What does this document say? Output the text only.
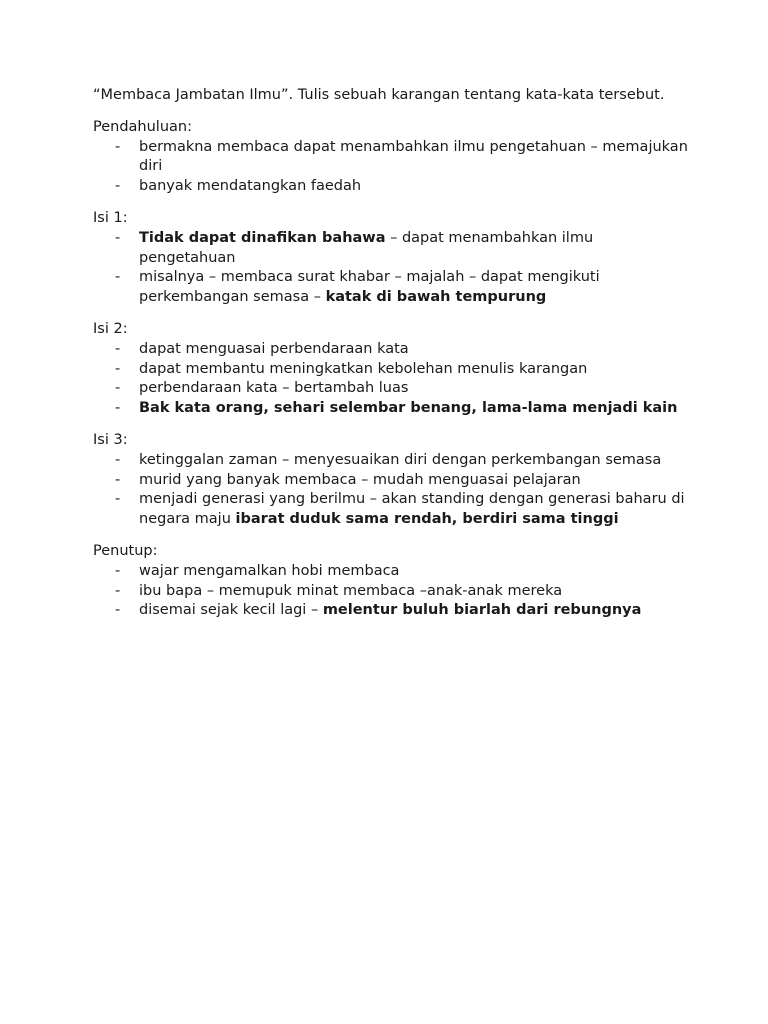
“Membaca Jambatan Ilmu”. Tulis sebuah karangan tentang kata-kata tersebut.

Pendahuluan:

- bermakna membaca dapat menambahkan ilmu pengetahuan – memajukan diri
- banyak mendatangkan faedah

Isi 1:

- Tidak dapat dinafikan bahawa – dapat menambahkan ilmu pengetahuan
- misalnya – membaca surat khabar – majalah – dapat mengikuti perkembangan semasa – katak di bawah tempurung

Isi 2:

- dapat menguasai perbendaraan kata
- dapat membantu meningkatkan kebolehan menulis karangan
- perbendaraan kata – bertambah luas
- Bak kata orang, sehari selembar benang, lama-lama menjadi kain

Isi 3:

- ketinggalan zaman – menyesuaikan diri dengan perkembangan semasa
- murid yang banyak membaca – mudah menguasai pelajaran
- menjadi generasi yang berilmu – akan standing dengan generasi baharu di negara maju ibarat duduk sama rendah, berdiri sama tinggi

Penutup:

- wajar mengamalkan hobi membaca
- ibu bapa – memupuk minat membaca –anak-anak mereka
- disemai sejak kecil lagi – melentur buluh biarlah dari rebungnya
